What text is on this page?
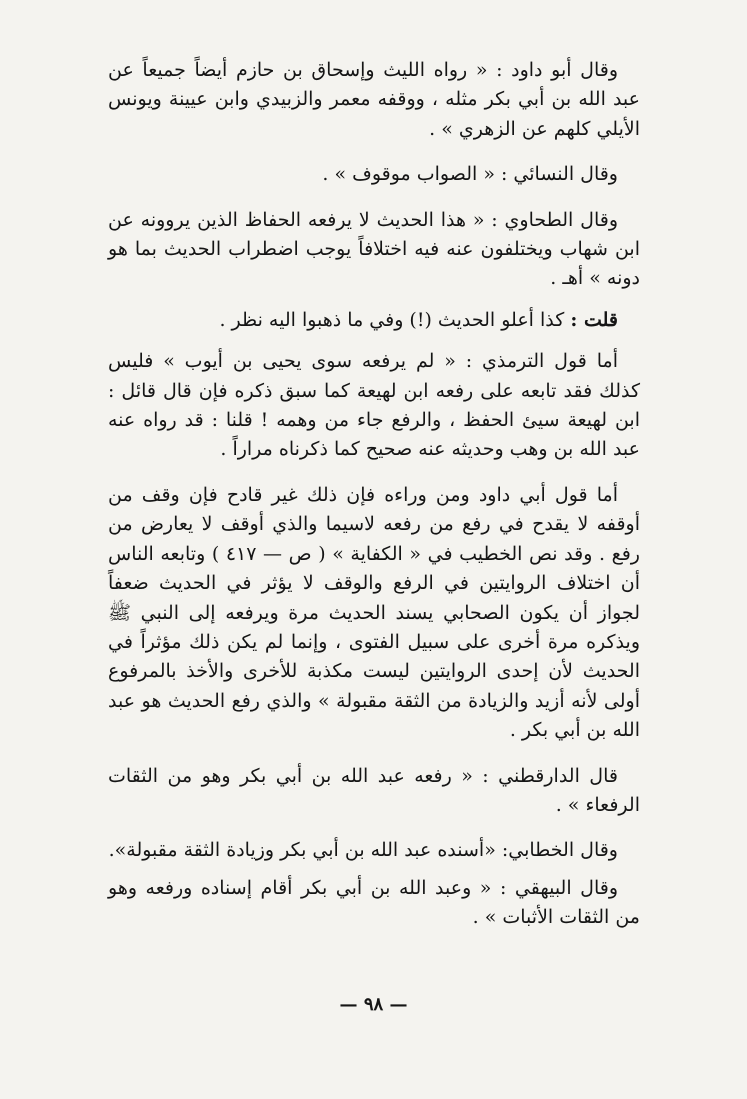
وقال أبو داود : « رواه الليث وإسحاق بن حازم أيضاً جميعاً عن عبد الله بن أبي بكر مثله ، ووقفه معمر والزبيدي وابن عيينة ويونس الأيلي كلهم عن الزهري » .

وقال النسائي : « الصواب موقوف » .

وقال الطحاوي : « هذا الحديث لا يرفعه الحفاظ الذين يروونه عن ابن شهاب ويختلفون عنه فيه اختلافاً يوجب اضطراب الحديث بما هو دونه » أهـ .

قلت : كذا أعلو الحديث (!) وفي ما ذهبوا اليه نظر .

أما قول الترمذي : « لم يرفعه سوى يحيى بن أيوب » فليس كذلك فقد تابعه على رفعه ابن لهيعة كما سبق ذكره فإن قال قائل : ابن لهيعة سيئ الحفظ ، والرفع جاء من وهمه ! قلنا : قد رواه عنه عبد الله بن وهب وحديثه عنه صحيح كما ذكرناه مراراً .

أما قول أبي داود ومن وراءه فإن ذلك غير قادح فإن وقف من أوقفه لا يقدح في رفع من رفعه لاسيما والذي أوقف لا يعارض من رفع . وقد نص الخطيب في « الكفاية » ( ص — ٤١٧ ) وتابعه الناس أن اختلاف الروايتين في الرفع والوقف لا يؤثر في الحديث ضعفاً لجواز أن يكون الصحابي يسند الحديث مرة ويرفعه إلى النبي ﷺ ويذكره مرة أخرى على سبيل الفتوى ، وإنما لم يكن ذلك مؤثراً في الحديث لأن إحدى الروايتين ليست مكذبة للأخرى والأخذ بالمرفوع أولى لأنه أزيد والزيادة من الثقة مقبولة » والذي رفع الحديث هو عبد الله بن أبي بكر .

قال الدارقطني : « رفعه عبد الله بن أبي بكر وهو من الثقات الرفعاء » .

وقال الخطابي: «أسنده عبد الله بن أبي بكر وزيادة الثقة مقبولة».

وقال البيهقي : « وعبد الله بن أبي بكر أقام إسناده ورفعه وهو من الثقات الأثبات » .

— ٩٨ —
